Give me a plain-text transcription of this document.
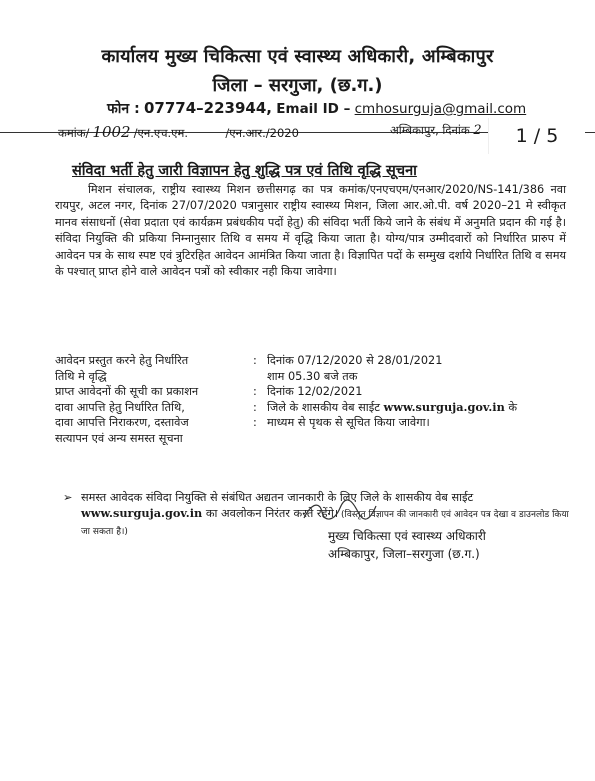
कार्यालय मुख्य चिकित्सा एवं स्वास्थ्य अधिकारी, अम्बिकापुर
जिला – सरगुजा, (छ.ग.)
फोन : 07774–223944, Email ID – cmhosurguja@gmail.com
कमांक/ 1002 /एन.एच.एम.	/एन.आर./2020	अम्बिकापुर, दिनांक 2	1 / 5
संविदा भर्ती हेतु जारी विज्ञापन हेतु शुद्धि पत्र एवं तिथि वृद्धि सूचना
मिशन संचालक, राष्ट्रीय स्वास्थ्य मिशन छत्तीसगढ़ का पत्र कमांक/एनएचएम/एनआर/2020/NS-141/386 नवा रायपुर, अटल नगर, दिनांक 27/07/2020 पत्रानुसार राष्ट्रीय स्वास्थ्य मिशन, जिला आर.ओ.पी. वर्ष 2020–21 मे स्वीकृत मानव संसाधनों (सेवा प्रदाता एवं कार्यक्रम प्रबंधकीय पदों हेतु) की संविदा भर्ती किये जाने के संबंध में अनुमति प्रदान की गई है। संविदा नियुक्ति की प्रकिया निम्नानुसार तिथि व समय में वृद्धि किया जाता है। योग्य/पात्र उम्मीदवारों को निर्धारित प्रारुप में आवेदन पत्र के साथ स्पष्ट एवं त्रुटिरहित आवेदन आमंत्रित किया जाता है। विज्ञापित पदों के सम्मुख दर्शाये निर्धारित तिथि व समय के पश्चात् प्राप्त होने वाले आवेदन पत्रों को स्वीकार नही किया जावेगा।
आवेदन प्रस्तुत करने हेतु निर्धारित	: दिनांक 07/12/2020 से 28/01/2021
तिथि मे वृद्धि	शाम 05.30 बजे तक
प्राप्त आवेदनों की सूची का प्रकाशन	: दिनांक 12/02/2021
दावा आपत्ति हेतु निर्धारित तिथि,	: जिले के शासकीय वेब साईट www.surguja.gov.in के
दावा आपत्ति निराकरण, दस्तावेज	: माध्यम से पृथक से सूचित किया जावेगा।
सत्यापन एवं अन्य समस्त सूचना
➢ समस्त आवेदक संविदा नियुक्ति से संबंधित अद्यतन जानकारी के लिए जिले के शासकीय वेब साईट www.surguja.gov.in का अवलोकन निरंतर करते रहेंगे। (विस्तृत विज्ञापन की जानकारी एवं आवेदन पत्र देखा व डाउनलोड किया जा सकता है।)	मुख्य चिकित्सा एवं स्वास्थ्य अधिकारी
अम्बिकापुर, जिला–सरगुजा (छ.ग.)
